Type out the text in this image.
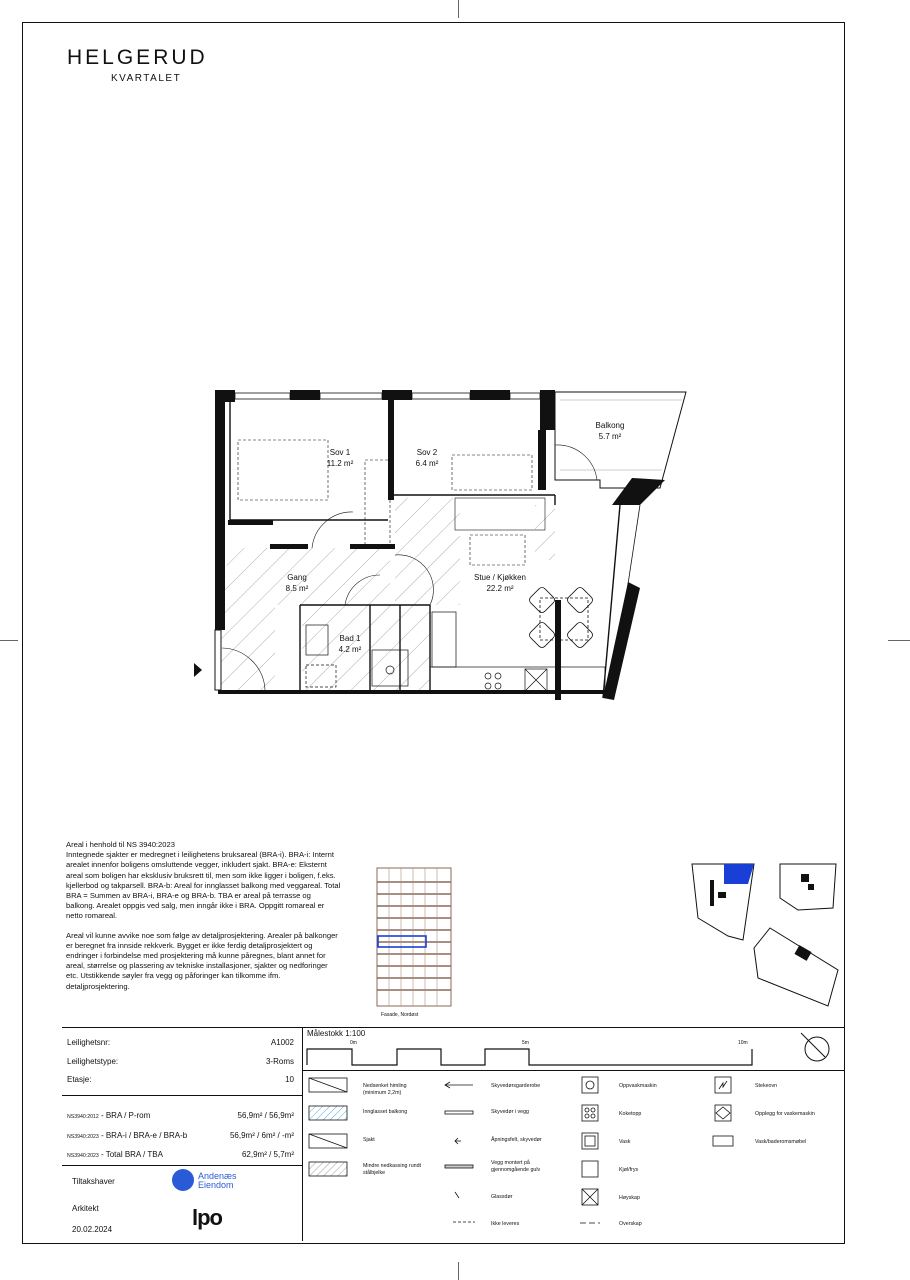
HELGERUD
KVARTALET
Sov 1
11.2 m²
Sov 2
6.4 m²
Balkong
5.7 m²
Gang
8.5 m²
Stue / Kjøkken
22.2 m²
Bad 1
4.2 m²
Areal i henhold til NS 3940:2023

Inntegnede sjakter er medregnet i leilighetens bruksareal (BRA-i). BRA-i: Internt arealet innenfor boligens omsluttende vegger, inkludert sjakt. BRA-e: Eksternt areal som boligen har eksklusiv bruksrett til, men som ikke ligger i boligen, f.eks. kjellerbod og takparsell. BRA-b: Areal for innglasset balkong med veggareal. Total BRA = Summen av BRA-i, BRA-e og BRA-b. TBA er areal på terrasse og balkong. Arealet oppgis ved salg, men inngår ikke i BRA. Oppgitt romareal er netto romareal.

Areal vil kunne avvike noe som følge av detaljprosjektering. Arealer på balkonger er beregnet fra innside rekkverk. Bygget er ikke ferdig detaljprosjektert og endringer i forbindelse med prosjektering må kunne påregnes, blant annet for areal, størrelse og plassering av tekniske installasjoner, sjakter og nedforinger etc. Utstikkende søyler fra vegg og påforinger kan tilkomme ifm. detaljprosjektering.

Fasade, Nordøst
Leilighetsnr:	A1002
Leilighetstype:	3-Roms
Etasje:	10
NS3940:2012 - BRA / P-rom	56,9m² / 56,9m²
NS3940:2023 - BRA-i / BRA-e / BRA-b	56,9m² / 6m² / -m²
NS3940:2023 - Total BRA / TBA	62,9m² / 5,7m²
Tiltakshaver
Andenæs
Eiendom
Arkitekt	lpo
20.02.2024
Målestokk 1:100
0m	5m	10m
Nedsenket himling (minimum 2,2m)
Innglasset balkong
Sjakt
Mindre nedkassing rundt stålbjelke
Skyvedørsgarderobe
Skyvedør i vegg
Åpningsfelt, skyvedør
Vegg montert på gjennomgående gulv
Glassdør
Ikke leveres
Oppvaskmaskin
Koketopp
Vask
Kjøl/frys
Høyskap
Overskap
Stekeovn
Opplegg for vaskemaskin
Vask/baderomsmøbel
